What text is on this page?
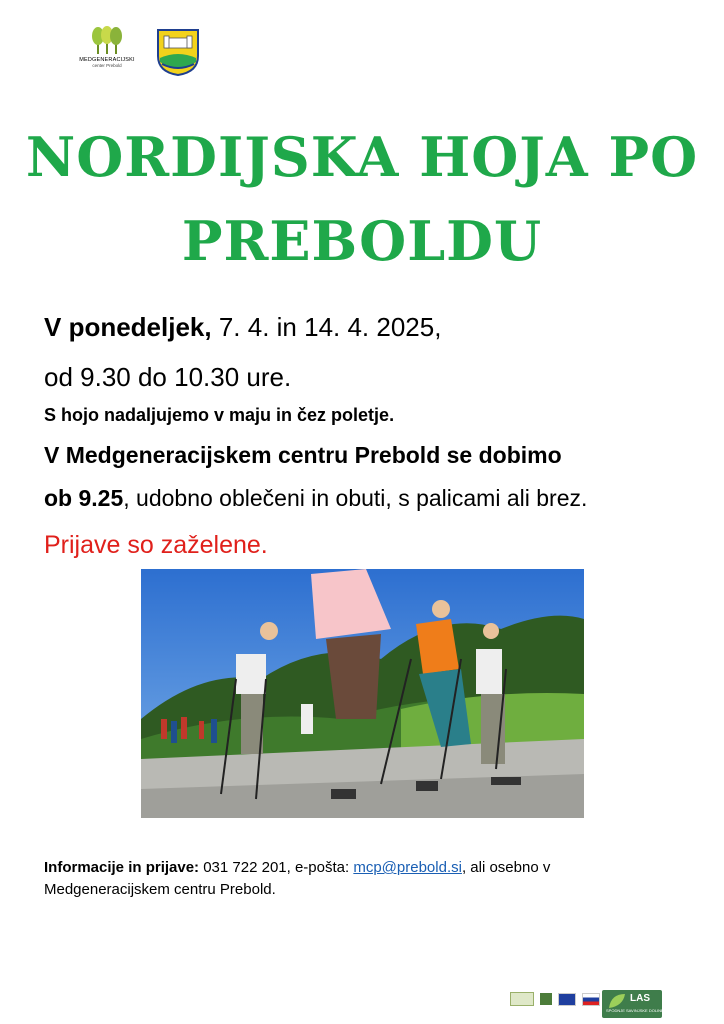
MEDGENERACIJSKI
center Prebold
NORDIJSKA HOJA PO
PREBOLDU
V ponedeljek, 7. 4. in 14. 4. 2025,
od 9.30 do 10.30 ure.
S hojo nadaljujemo v maju in čez poletje.
V Medgeneracijskem centru Prebold se dobimo
ob 9.25, udobno oblečeni in obuti, s palicami ali brez.
Prijave so zaželene.
Informacije in prijave: 031 722 201, e-pošta: mcp@prebold.si, ali osebno v
Medgeneracijskem centru Prebold.
LAS
SPODNJE SAVINJSKE DOLINE
